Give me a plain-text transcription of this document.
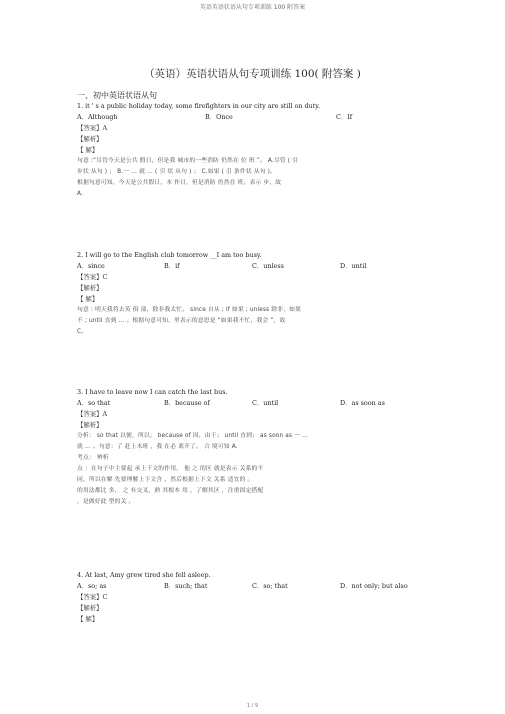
英语英语状语从句专项训练 100 附答案
（英语）英语状语从句专项训练 100( 附答案 )
一、初中英语状语从句
1. it ' s a public holiday today, some firefighters in our city are still on duty.
A．Although	B．Once	C．If
【答案】A
【解析】
【 解】
句意 :“尽管今天是公共 假日，但是我 城市的一些消防 仍然在 位 班 ”。 A.尽管 ( 引
步状 从句 ) ； B.一 … 就 … ( 引 状 从句 ) ； C.如果 ( 引 条件状 从句 )。
根据句意可知，今天是公共假日，本 作日，但是消防 仍然在 班，表示 步，故
A.
2. I will go to the English club tomorrow __I am too busy.
A．since	B．if	C．unless	D．until
【答案】C
【解析】
【 解】
句意 : 明天我将去英 俱 部，除非我太忙。 since 自从 ; if 如果 ; unless 除非，如果
不 ; until 直到 … 。根据句意可知，里表示的意思是 “如果我不忙，我会 ”，故
C。
3. I have to leave now I can catch the last bus.
A．so that	B．because of	C．until	D．as soon as
【答案】A
【解析】
分析： so that 以便，所以； because of 因，由于； until 直到； as soon as 一 …
就 … 。句意：了 赶上末班 ，我 在必 离开了。 合 境可知 A.
考点： 辨析
点 ：在句子中主要起 承上下文的作用， 他 之 的区 就是表示 关系的不
同，所以在解 先要理解上下文含 ，然后根据上下文 关系 适宜的 。
的用法都比 多， 之 有交叉，熟 其根本 用 ，了解其区 ，注重固定搭配
，是做好此 型的关 。
4. At last, Amy grew tired she fell asleep.
A．so; as	B．such; that	C．so; that	D．not only; but also
【答案】C
【解析】
【 解】
1 / 9
